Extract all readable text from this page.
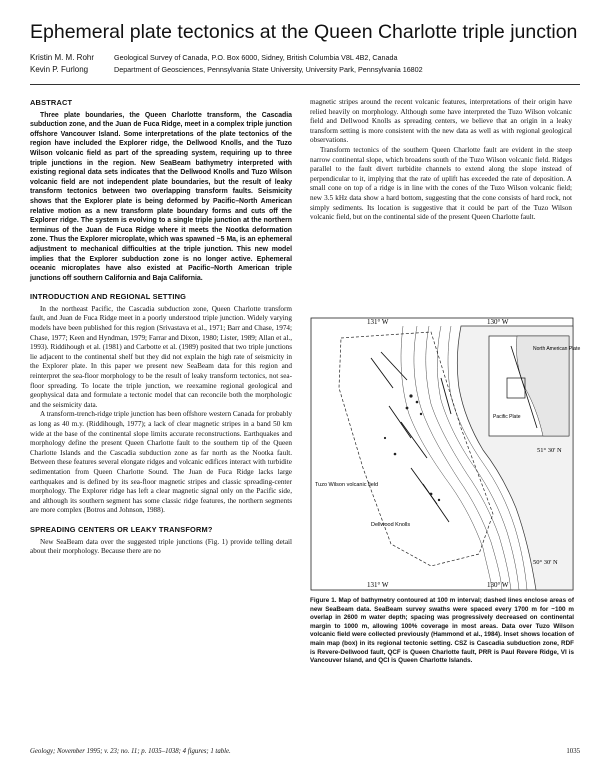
Ephemeral plate tectonics at the Queen Charlotte triple junction
Kristin M. M. Rohr	Geological Survey of Canada, P.O. Box 6000, Sidney, British Columbia V8L 4B2, Canada
Kevin P. Furlong	Department of Geosciences, Pennsylvania State University, University Park, Pennsylvania 16802
ABSTRACT

Three plate boundaries, the Queen Charlotte transform, the Cascadia subduction zone, and the Juan de Fuca Ridge, meet in a complex triple junction offshore Vancouver Island. Some interpretations of the plate tectonics of the region have included the Explorer ridge, the Dellwood Knolls, and the Tuzo Wilson volcanic field as part of the spreading system, requiring up to three triple junctions in the region. New SeaBeam bathymetry interpreted with existing regional data sets indicates that the Dellwood Knolls and Tuzo Wilson volcanic field are not independent plate boundaries, but the result of leaky transform tectonics between two overlapping transform faults. Seismicity shows that the Explorer plate is being deformed by Pacific–North American relative motion as a new transform plate boundary forms and cuts off the Explorer ridge. The system is evolving to a single triple junction at the northern terminus of the Juan de Fuca Ridge where it meets the Nootka deformation zone. Thus the Explorer microplate, which was spawned ~5 Ma, is an ephemeral adjustment to mechanical difficulties at the triple junction. This new model implies that the Explorer subduction zone is no longer active. Ephemeral oceanic microplates have also existed at Pacific–North American triple junctions off southern California and Baja California.

INTRODUCTION AND REGIONAL SETTING

In the northeast Pacific, the Cascadia subduction zone, Queen Charlotte transform fault, and Juan de Fuca Ridge meet in a poorly understood triple junction. Widely varying models have been published for this region (Srivastava et al., 1971; Barr and Chase, 1974; Chase, 1977; Keen and Hyndman, 1979; Farrar and Dixon, 1980; Lister, 1989; Allan et al., 1993). Riddihough et al. (1981) and Carbotte et al. (1989) posited that two triple junctions lie adjacent to the continental shelf but they did not explain the high rate of seismicity in the Explorer plate. In this paper we present new SeaBeam data for this region and reinterpret the sea-floor morphology to be the result of leaky transform tectonics, not sea-floor spreading. To locate the triple junction, we reexamine regional geological and geophysical data and formulate a tectonic model that can reconcile both the morphologic and the seismicity data.

A transform-trench-ridge triple junction has been offshore western Canada for probably as long as 40 m.y. (Riddihough, 1977); a lack of clear magnetic stripes in a band 50 km wide at the base of the continental slope limits accurate reconstructions. Earthquakes and morphology define the present Queen Charlotte fault to the southern tip of the Queen Charlotte Islands and the Cascadia subduction zone as far north as the Nootka fault. Between these features several elongate ridges and volcanic edifices interact with turbidite sedimentation from Queen Charlotte Sound. The Juan de Fuca Ridge lacks large earthquakes and is defined by its sea-floor magnetic stripes and classic spreading-center morphology. The Explorer ridge has left a clear magnetic signal only on the Pacific side, and although its southern segment has some classic ridge features, the northern segments are more complex (Botros and Johnson, 1988).

SPREADING CENTERS OR LEAKY TRANSFORM?

New SeaBeam data over the suggested triple junctions (Fig. 1) provide telling detail about their morphology. Because there are no

magnetic stripes around the recent volcanic features, interpretations of their origin have relied heavily on morphology. Although some have interpreted the Tuzo Wilson volcanic field and Dellwood Knolls as spreading centers, we believe that an origin in a leaky transform setting is more consistent with the new data as well as with regional geological observations.

Transform tectonics of the southern Queen Charlotte fault are evident in the steep narrow continental slope, which broadens south of the Tuzo Wilson volcanic field. Ridges parallel to the fault divert turbidite channels to extend along the slope instead of perpendicular to it, implying that the rate of uplift has exceeded the rate of deposition. A small cone on top of a ridge is in line with the cones of the Tuzo Wilson volcanic field; new 3.5 kHz data show a hard bottom, suggesting that the cone consists of hard rock, not simply sediments. Its location is suggestive that it could be part of the Tuzo Wilson volcanic field, but on the continental side of the present Queen Charlotte fault.

131° W	130° W
131° W	130° W
51° 30' N
50° 30' N
Tuzo Wilson volcanic field
Dellwood Knolls
North American Plate
Pacific Plate
Figure 1. Map of bathymetry contoured at 100 m interval; dashed lines enclose areas of new SeaBeam data. SeaBeam survey swaths were spaced every 1700 m for ~100 m overlap in 2600 m water depth; spacing was progressively decreased on continental margin to 1000 m, allowing 100% coverage in most areas. Data over Tuzo Wilson volcanic field were collected previously (Hammond et al., 1984). Inset shows location of main map (box) in its regional tectonic setting. CSZ is Cascadia subduction zone, RDF is Revere-Dellwood fault, QCF is Queen Charlotte fault, PRR is Paul Revere Ridge, VI is Vancouver Island, and QCI is Queen Charlotte Islands.
Geology; November 1995; v. 23; no. 11; p. 1035–1038; 4 figures; 1 table.	1035
